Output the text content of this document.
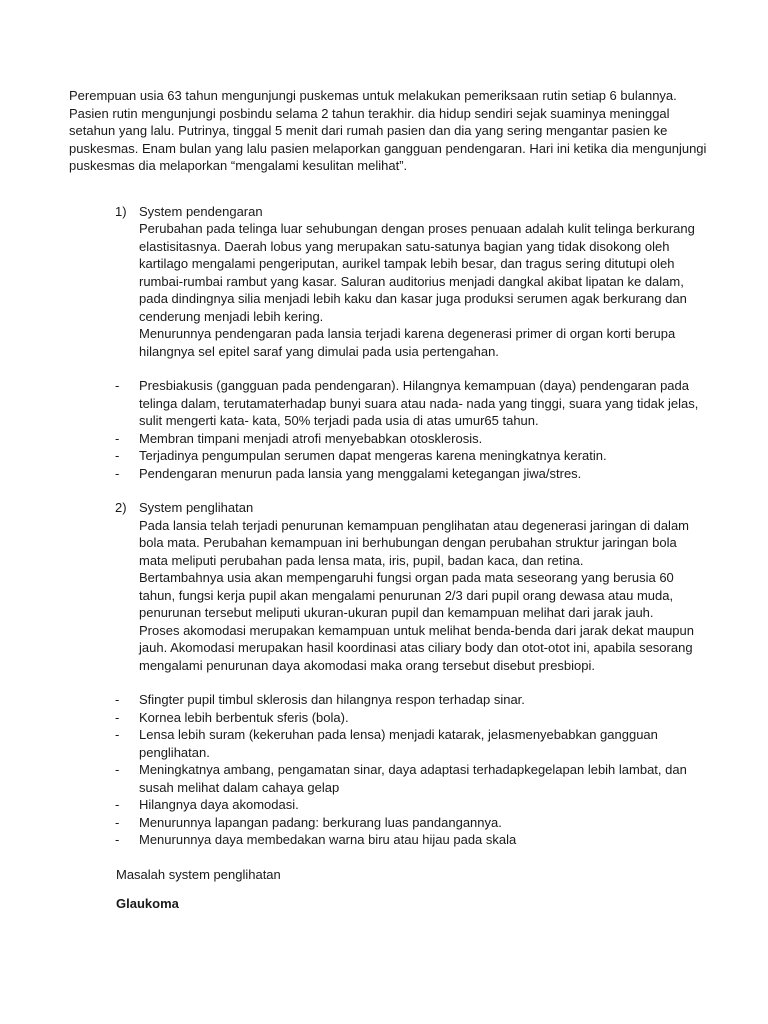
Perempuan usia 63 tahun mengunjungi puskemas untuk melakukan pemeriksaan rutin setiap 6 bulannya. Pasien rutin mengunjungi posbindu selama 2 tahun terakhir. dia hidup sendiri sejak suaminya meninggal setahun yang lalu. Putrinya, tinggal 5 menit dari rumah pasien dan dia yang sering mengantar pasien ke puskesmas. Enam bulan yang lalu pasien melaporkan gangguan pendengaran. Hari ini ketika dia mengunjungi puskesmas dia melaporkan “mengalami kesulitan melihat”.

1) System pendengaran

Perubahan pada telinga luar sehubungan dengan proses penuaan adalah kulit telinga berkurang elastisitasnya. Daerah lobus yang merupakan satu-satunya bagian yang tidak disokong oleh kartilago mengalami pengeriputan, aurikel tampak lebih besar, dan tragus sering ditutupi oleh rumbai-rumbai rambut yang kasar. Saluran auditorius menjadi dangkal akibat lipatan ke dalam, pada dindingnya silia menjadi lebih kaku dan kasar juga produksi serumen agak berkurang dan cenderung menjadi lebih kering.

Menurunnya pendengaran pada lansia terjadi karena degenerasi primer di organ korti berupa hilangnya sel epitel saraf yang dimulai pada usia pertengahan.

- Presbiakusis (gangguan pada pendengaran). Hilangnya kemampuan (daya) pendengaran pada telinga dalam, terutamaterhadap bunyi suara atau nada- nada yang tinggi, suara yang tidak jelas, sulit mengerti kata- kata, 50% terjadi pada usia di atas umur65 tahun.
- Membran timpani menjadi atrofi menyebabkan otosklerosis.
- Terjadinya pengumpulan serumen dapat mengeras karena meningkatnya keratin.
- Pendengaran menurun pada lansia yang menggalami ketegangan jiwa/stres.
2) System penglihatan

Pada lansia telah terjadi penurunan kemampuan penglihatan atau degenerasi jaringan di dalam bola mata. Perubahan kemampuan ini berhubungan dengan perubahan struktur jaringan bola mata meliputi perubahan pada lensa mata, iris, pupil, badan kaca, dan retina.

Bertambahnya usia akan mempengaruhi fungsi organ pada mata seseorang yang berusia 60 tahun, fungsi kerja pupil akan mengalami penurunan 2/3 dari pupil orang dewasa atau muda, penurunan tersebut meliputi ukuran-ukuran pupil dan kemampuan melihat dari jarak jauh.

Proses akomodasi merupakan kemampuan untuk melihat benda-benda dari jarak dekat maupun jauh. Akomodasi merupakan hasil koordinasi atas ciliary body dan otot-otot ini, apabila sesorang mengalami penurunan daya akomodasi maka orang tersebut disebut presbiopi.

- Sfingter pupil timbul sklerosis dan hilangnya respon terhadap sinar.
- Kornea lebih berbentuk sferis (bola).
- Lensa lebih suram (kekeruhan pada lensa) menjadi katarak, jelasmenyebabkan gangguan penglihatan.
- Meningkatnya ambang, pengamatan sinar, daya adaptasi terhadapkegelapan lebih lambat, dan susah melihat dalam cahaya gelap
- Hilangnya daya akomodasi.
- Menurunnya lapangan padang: berkurang luas pandangannya.
- Menurunnya daya membedakan warna biru atau hijau pada skala

Masalah system penglihatan

Glaukoma
